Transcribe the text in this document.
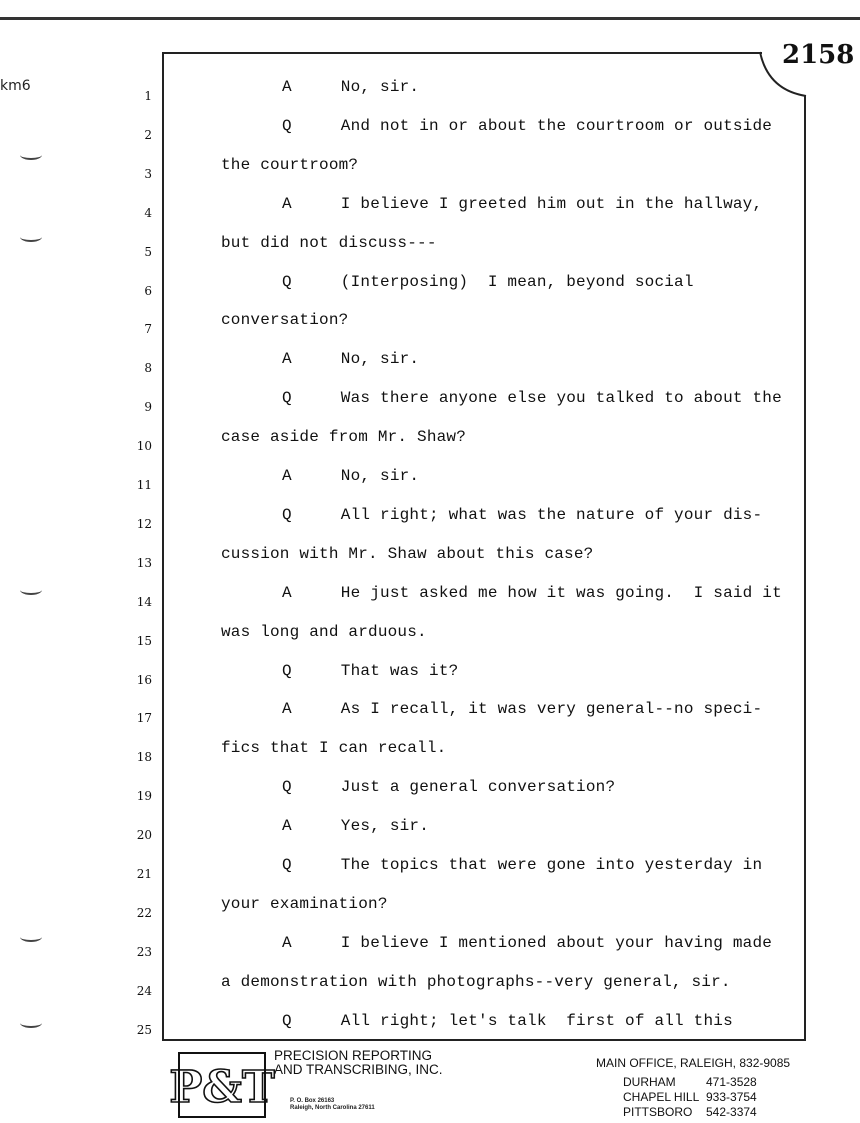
2158
km6
1	A     No, sir.
2	Q     And not in or about the courtroom or outside
3	the courtroom?
4	A     I believe I greeted him out in the hallway,
5	but did not discuss---
6	Q     (Interposing)  I mean, beyond social
7	conversation?
8	A     No, sir.
9	Q     Was there anyone else you talked to about the
10	case aside from Mr. Shaw?
11	A     No, sir.
12	Q     All right; what was the nature of your dis-
13	cussion with Mr. Shaw about this case?
14	A     He just asked me how it was going.  I said it
15	was long and arduous.
16	Q     That was it?
17	A     As I recall, it was very general--no speci-
18	fics that I can recall.
19	Q     Just a general conversation?
20	A     Yes, sir.
21	Q     The topics that were gone into yesterday in
22	your examination?
23	A     I believe I mentioned about your having made
24	a demonstration with photographs--very general, sir.
25	Q     All right; let's talk  first of all this
P&T
PRECISION REPORTING
AND TRANSCRIBING, INC.
P. O. Box 26163
Raleigh, North Carolina 27611
MAIN OFFICE, RALEIGH, 832-9085
DURHAM	471-3528
CHAPEL HILL 933-3754
PITTSBORO 542-3374
